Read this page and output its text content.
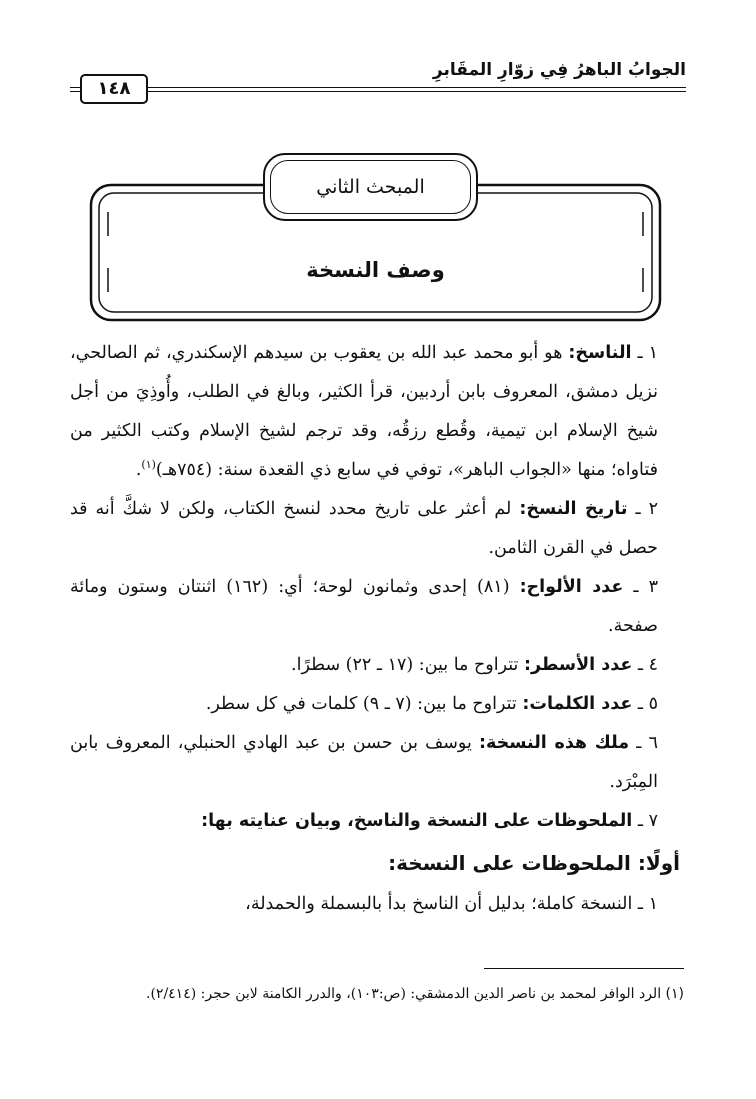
الجوابُ الباهرُ فِي زوّارِ المقَابرِ
١٤٨
المبحث الثاني
وصف النسخة

١ ـ الناسخ: هو أبو محمد عبد الله بن يعقوب بن سيدهم الإسكندري، ثم الصالحي، نزيل دمشق، المعروف بابن أردبين، قرأ الكثير، وبالغ في الطلب، وأُوذِيَ من أجل شيخ الإسلام ابن تيمية، وقُطع رزقُه، وقد ترجم لشيخ الإسلام وكتب الكثير من فتاواه؛ منها «الجواب الباهر»، توفي في سابع ذي القعدة سنة: (٧٥٤هـ)$^{(١)}$.

٢ ـ تاريخ النسخ: لم أعثر على تاريخ محدد لنسخ الكتاب، ولكن لا شكَّ أنه قد حصل في القرن الثامن.

٣ ـ عدد الألواح: (٨١) إحدى وثمانون لوحة؛ أي: (١٦٢) اثنتان وستون ومائة صفحة.

٤ ـ عدد الأسطر: تتراوح ما بين: (١٧ ـ ٢٢) سطرًا.

٥ ـ عدد الكلمات: تتراوح ما بين: (٧ ـ ٩) كلمات في كل سطر.

٦ ـ ملك هذه النسخة: يوسف بن حسن بن عبد الهادي الحنبلي، المعروف بابن المِبْرَد.

٧ ـ الملحوظات على النسخة والناسخ، وبيان عنايته بها:

أولًا: الملحوظات على النسخة:

١ ـ النسخة كاملة؛ بدليل أن الناسخ بدأ بالبسملة والحمدلة،

(١) الرد الوافر لمحمد بن ناصر الدين الدمشقي: (ص:١٠٣)، والدرر الكامنة لابن حجر: (٢/٤١٤).
